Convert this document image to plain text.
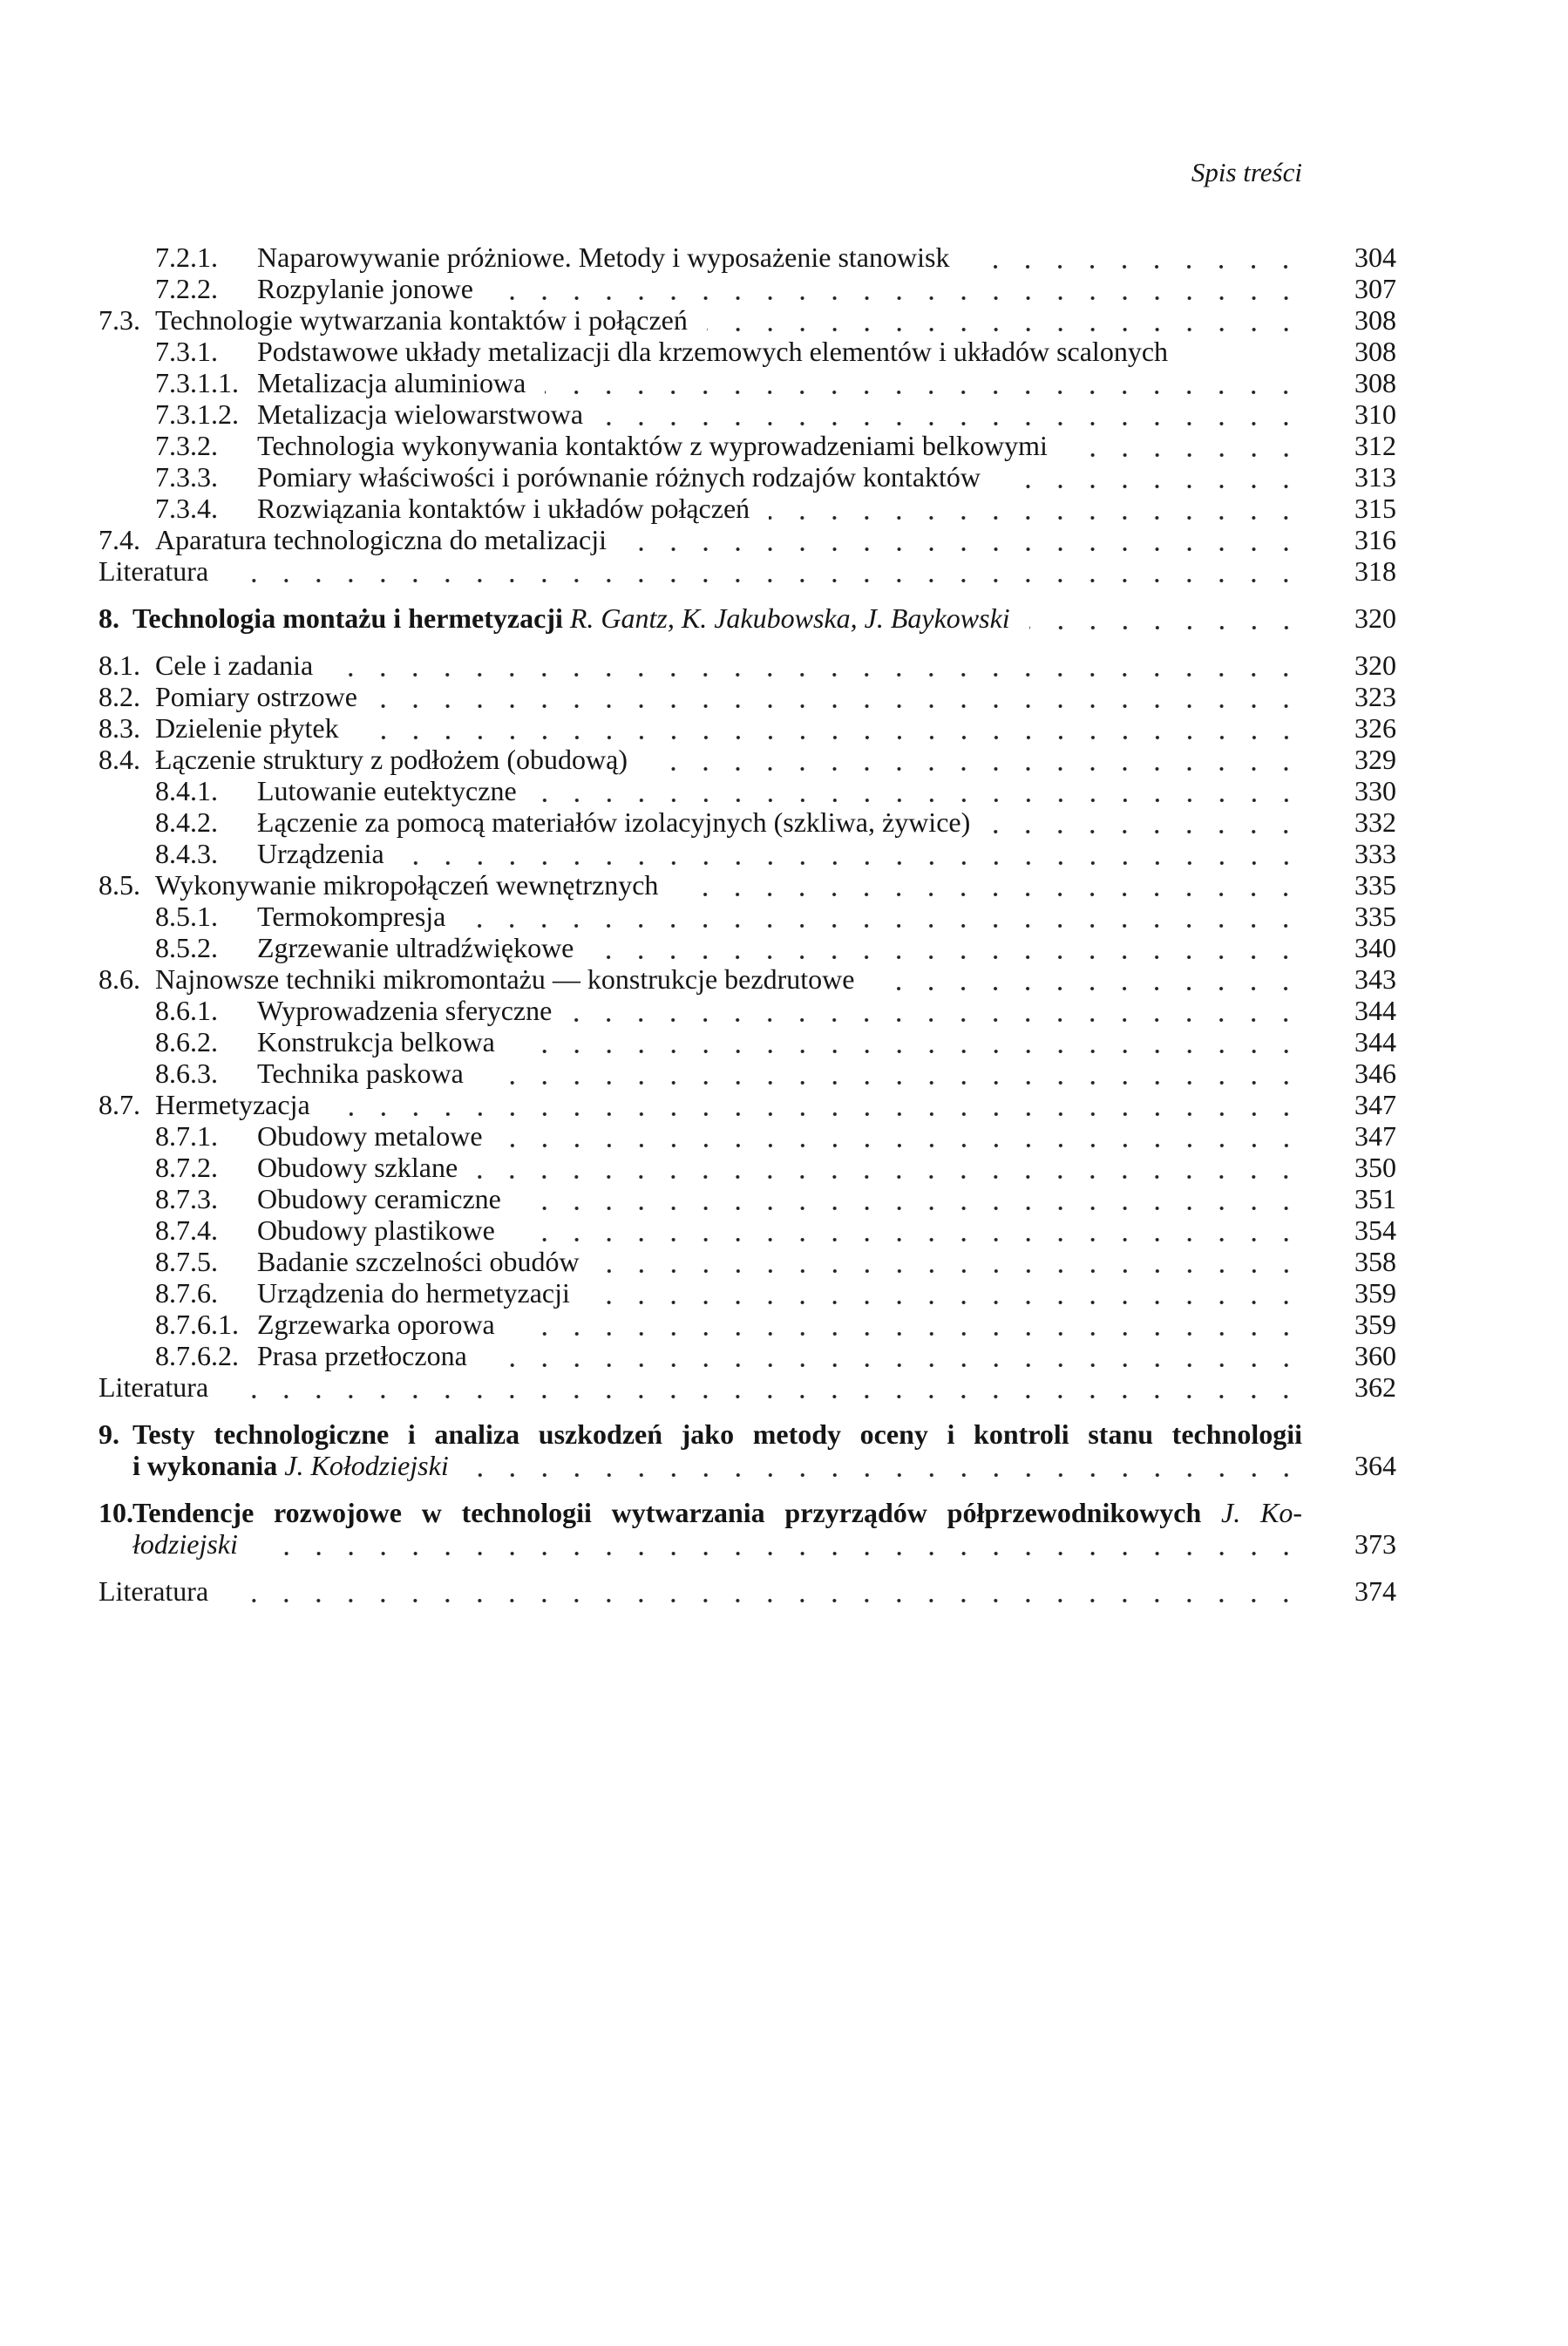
Spis treści
7.2.1.	Naparowywanie próżniowe. Metody i wyposażenie stanowisk	304
7.2.2.	Rozpylanie jonowe	307
7.3. Technologie wytwarzania kontaktów i połączeń	308
7.3.1.	Podstawowe układy metalizacji dla krzemowych elementów i układów scalonych	308
7.3.1.1. Metalizacja aluminiowa	308
7.3.1.2. Metalizacja wielowarstwowa	310
7.3.2.	Technologia wykonywania kontaktów z wyprowadzeniami belkowymi	312
7.3.3.	Pomiary właściwości i porównanie różnych rodzajów kontaktów	313
7.3.4.	Rozwiązania kontaktów i układów połączeń	315
7.4. Aparatura technologiczna do metalizacji	316
Literatura	318
8. Technologia montażu i hermetyzacji R. Gantz, K. Jakubowska, J. Baykowski	320
8.1. Cele i zadania	320
8.2. Pomiary ostrzowe	323
8.3. Dzielenie płytek	326
8.4. Łączenie struktury z podłożem (obudową)	329
8.4.1.	Lutowanie eutektyczne	330
8.4.2.	Łączenie za pomocą materiałów izolacyjnych (szkliwa, żywice)	332
8.4.3.	Urządzenia	333
8.5. Wykonywanie mikropołączeń wewnętrznych	335
8.5.1.	Termokompresja	335
8.5.2.	Zgrzewanie ultradźwiękowe	340
8.6. Najnowsze techniki mikromontażu — konstrukcje bezdrutowe	343
8.6.1.	Wyprowadzenia sferyczne	344
8.6.2.	Konstrukcja belkowa	344
8.6.3.	Technika paskowa	346
8.7. Hermetyzacja	347
8.7.1.	Obudowy metalowe	347
8.7.2.	Obudowy szklane	350
8.7.3.	Obudowy ceramiczne	351
8.7.4.	Obudowy plastikowe	354
8.7.5.	Badanie szczelności obudów	358
8.7.6.	Urządzenia do hermetyzacji	359
8.7.6.1. Zgrzewarka oporowa	359
8.7.6.2. Prasa przetłoczona	360
Literatura	362
9. Testy technologiczne i analiza uszkodzeń jako metody oceny i kontroli stanu technologii
i wykonania J. Kołodziejski	364
10. Tendencje rozwojowe w technologii wytwarzania przyrządów półprzewodnikowych J. Ko-
łodziejski	373
Literatura	374
